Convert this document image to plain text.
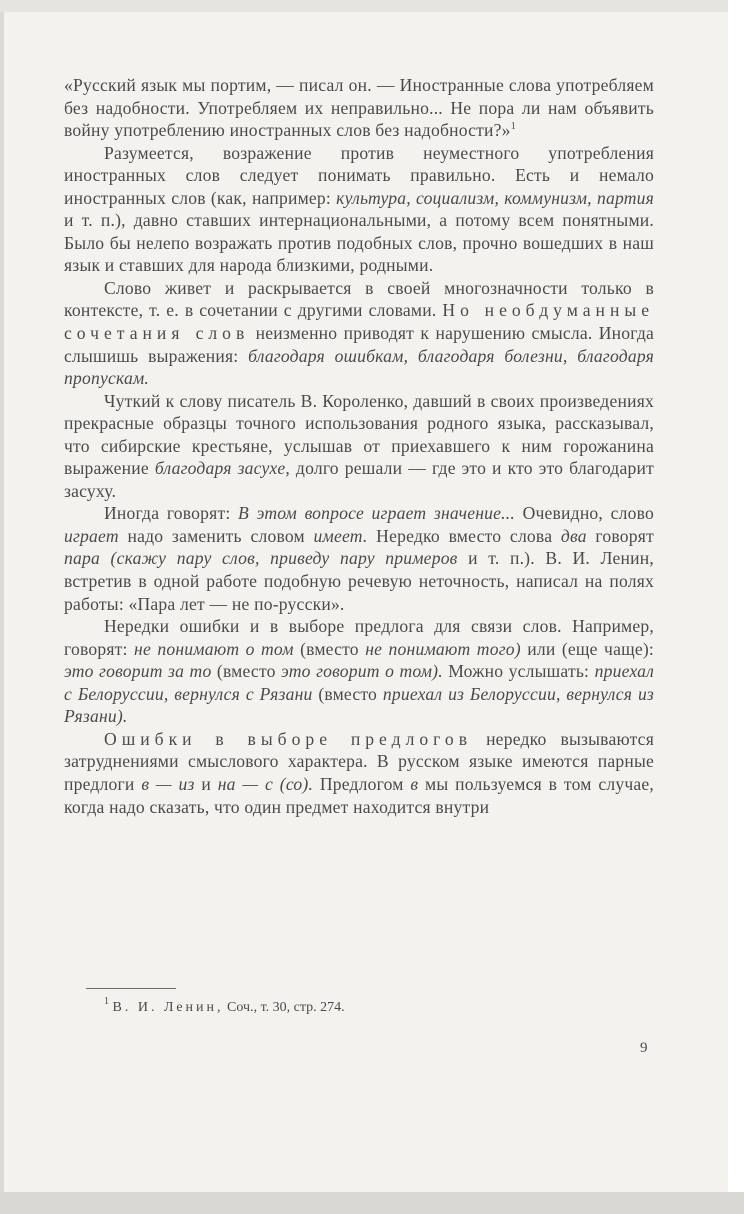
«Русский язык мы портим, — писал он. — Иностранные слова употребляем без надобности. Употребляем их неправильно... Не пора ли нам объявить войну употреблению иностранных слов без надобности?»$^1$

Разумеется, возражение против неуместного употребления иностранных слов следует понимать правильно. Есть и немало иностранных слов (как, например: культура, социализм, коммунизм, партия и т. п.), давно ставших интернациональными, а потому всем понятными. Было бы нелепо возражать против подобных слов, прочно вошедших в наш язык и ставших для народа близкими, родными.

Слово живет и раскрывается в своей многозначности только в контексте, т. е. в сочетании с другими словами. Но необдуманные сочетания слов неизменно приводят к нарушению смысла. Иногда слышишь выражения: благодаря ошибкам, благодаря болезни, благодаря пропускам.

Чуткий к слову писатель В. Короленко, давший в своих произведениях прекрасные образцы точного использования родного языка, рассказывал, что сибирские крестьяне, услышав от приехавшего к ним горожанина выражение благодаря засухе, долго решали — где это и кто это благодарит засуху.

Иногда говорят: В этом вопросе играет значение... Очевидно, слово играет надо заменить словом имеет. Нередко вместо слова два говорят пара (скажу пару слов, приведу пару примеров и т. п.). В. И. Ленин, встретив в одной работе подобную речевую неточность, написал на полях работы: «Пара лет — не по-русски».

Нередки ошибки и в выборе предлога для связи слов. Например, говорят: не понимают о том (вместо не понимают того) или (еще чаще): это говорит за то (вместо это говорит о том). Можно услышать: приехал с Белоруссии, вернулся с Рязани (вместо приехал из Белоруссии, вернулся из Рязани).

Ошибки в выборе предлогов нередко вызываются затруднениями смыслового характера. В русском языке имеются парные предлоги в — из и на — с (со). Предлогом в мы пользуемся в том случае, когда надо сказать, что один предмет находится внутри

$^1$ В. И. Ленин, Соч., т. 30, стр. 274.
9
